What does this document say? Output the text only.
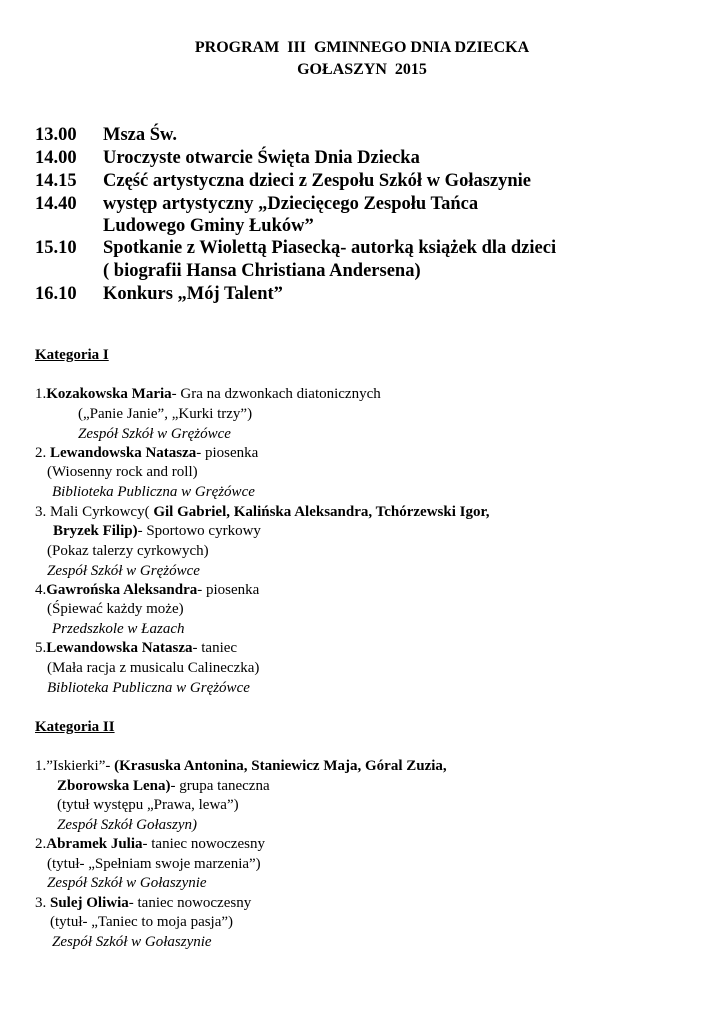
PROGRAM  III  GMINNEGO DNIA DZIECKA
GOŁASZYN  2015
13.00 Msza Św.
14.00 Uroczyste otwarcie Święta Dnia Dziecka
14.15 Część artystyczna dzieci z Zespołu Szkół w Gołaszynie
14.40 występ artystyczny „Dziecięcego Zespołu Tańca
Ludowego Gminy Łuków”
15.10 Spotkanie z Wiolettą Piasecką- autorką książek dla dzieci
( biografii Hansa Christiana Andersena)
16.10 Konkurs „Mój Talent”
Kategoria I
1.Kozakowska Maria- Gra na dzwonkach diatonicznych
(„Panie Janie”, „Kurki trzy”)
Zespół Szkół w Grężówce
2. Lewandowska Natasza- piosenka
(Wiosenny rock and roll)
Biblioteka Publiczna w Grężówce
3. Mali Cyrkowcy( Gil Gabriel, Kalińska Aleksandra, Tchórzewski Igor,
Bryzek Filip)- Sportowo cyrkowy
(Pokaz talerzy cyrkowych)
Zespół Szkół w Grężówce
4.Gawrońska Aleksandra- piosenka
(Śpiewać każdy może)
Przedszkole w Łazach
5.Lewandowska Natasza- taniec
(Mała racja z musicalu Calineczka)
Biblioteka Publiczna w Grężówce
Kategoria II
1.”Iskierki”- (Krasuska Antonina, Staniewicz Maja, Góral Zuzia,
Zborowska Lena)- grupa taneczna
(tytuł występu „Prawa, lewa”)
Zespół Szkół Gołaszyn)
2.Abramek Julia- taniec nowoczesny
(tytuł- „Spełniam swoje marzenia”)
Zespół Szkół w Gołaszynie
3. Sulej Oliwia- taniec nowoczesny
(tytuł- „Taniec to moja pasja”)
Zespół Szkół w Gołaszynie
